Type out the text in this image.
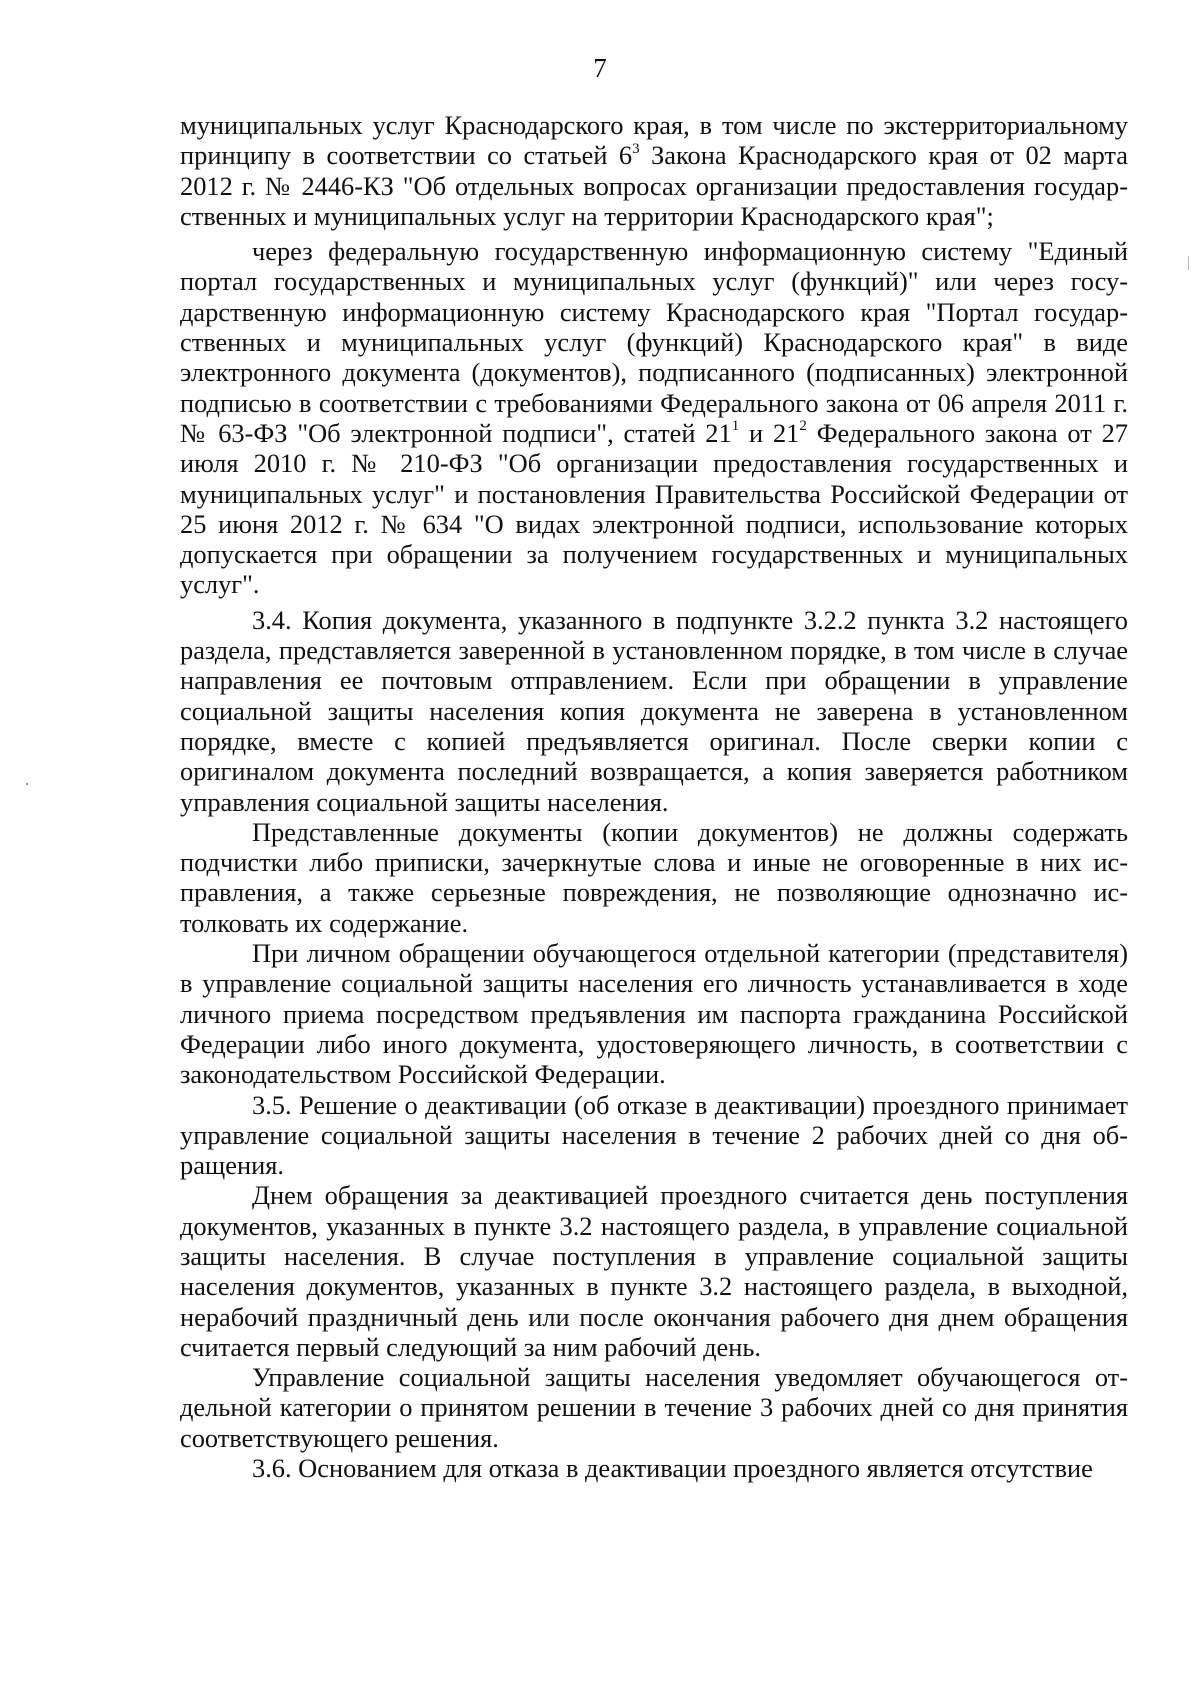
7

муниципальных услуг Краснодарского края, в том числе по экстерриториальному принципу в соответствии со статьей $6^3$ Закона Краснодарского края от 02 марта 2012 г. № 2446-КЗ "Об отдельных вопросах организации предоставления государственных и муниципальных услуг на территории Краснодарского края";

через федеральную государственную информационную систему "Единый портал государственных и муниципальных услуг (функций)" или через государственную информационную систему Краснодарского края "Портал государственных и муниципальных услуг (функций) Краснодарского края" в виде электронного документа (документов), подписанного (подписанных) электронной подписью в соответствии с требованиями Федерального закона от 06 апреля 2011 г. № 63-ФЗ "Об электронной подписи", статей $21^1$ и $21^2$ Федерального закона от 27 июля 2010 г. № 210-ФЗ "Об организации предоставления государственных и муниципальных услуг" и постановления Правительства Российской Федерации от 25 июня 2012 г. № 634 "О видах электронной подписи, использование которых допускается при обращении за получением государственных и муниципальных услуг".

3.4. Копия документа, указанного в подпункте 3.2.2 пункта 3.2 настоящего раздела, представляется заверенной в установленном порядке, в том числе в случае направления ее почтовым отправлением. Если при обращении в управление социальной защиты населения копия документа не заверена в установленном порядке, вместе с копией предъявляется оригинал. После сверки копии с оригиналом документа последний возвращается, а копия заверяется работником управления социальной защиты населения.

Представленные документы (копии документов) не должны содержать подчистки либо приписки, зачеркнутые слова и иные не оговоренные в них исправления, а также серьезные повреждения, не позволяющие однозначно истолковать их содержание.

При личном обращении обучающегося отдельной категории (представителя) в управление социальной защиты населения его личность устанавливается в ходе личного приема посредством предъявления им паспорта гражданина Российской Федерации либо иного документа, удостоверяющего личность, в соответствии с законодательством Российской Федерации.

3.5. Решение о деактивации (об отказе в деактивации) проездного принимает управление социальной защиты населения в течение 2 рабочих дней со дня обращения.

Днем обращения за деактивацией проездного считается день поступления документов, указанных в пункте 3.2 настоящего раздела, в управление социальной защиты населения. В случае поступления в управление социальной защиты населения документов, указанных в пункте 3.2 настоящего раздела, в выходной, нерабочий праздничный день или после окончания рабочего дня днем обращения считается первый следующий за ним рабочий день.

Управление социальной защиты населения уведомляет обучающегося отдельной категории о принятом решении в течение 3 рабочих дней со дня принятия соответствующего решения.

3.6. Основанием для отказа в деактивации проездного является отсутствие
